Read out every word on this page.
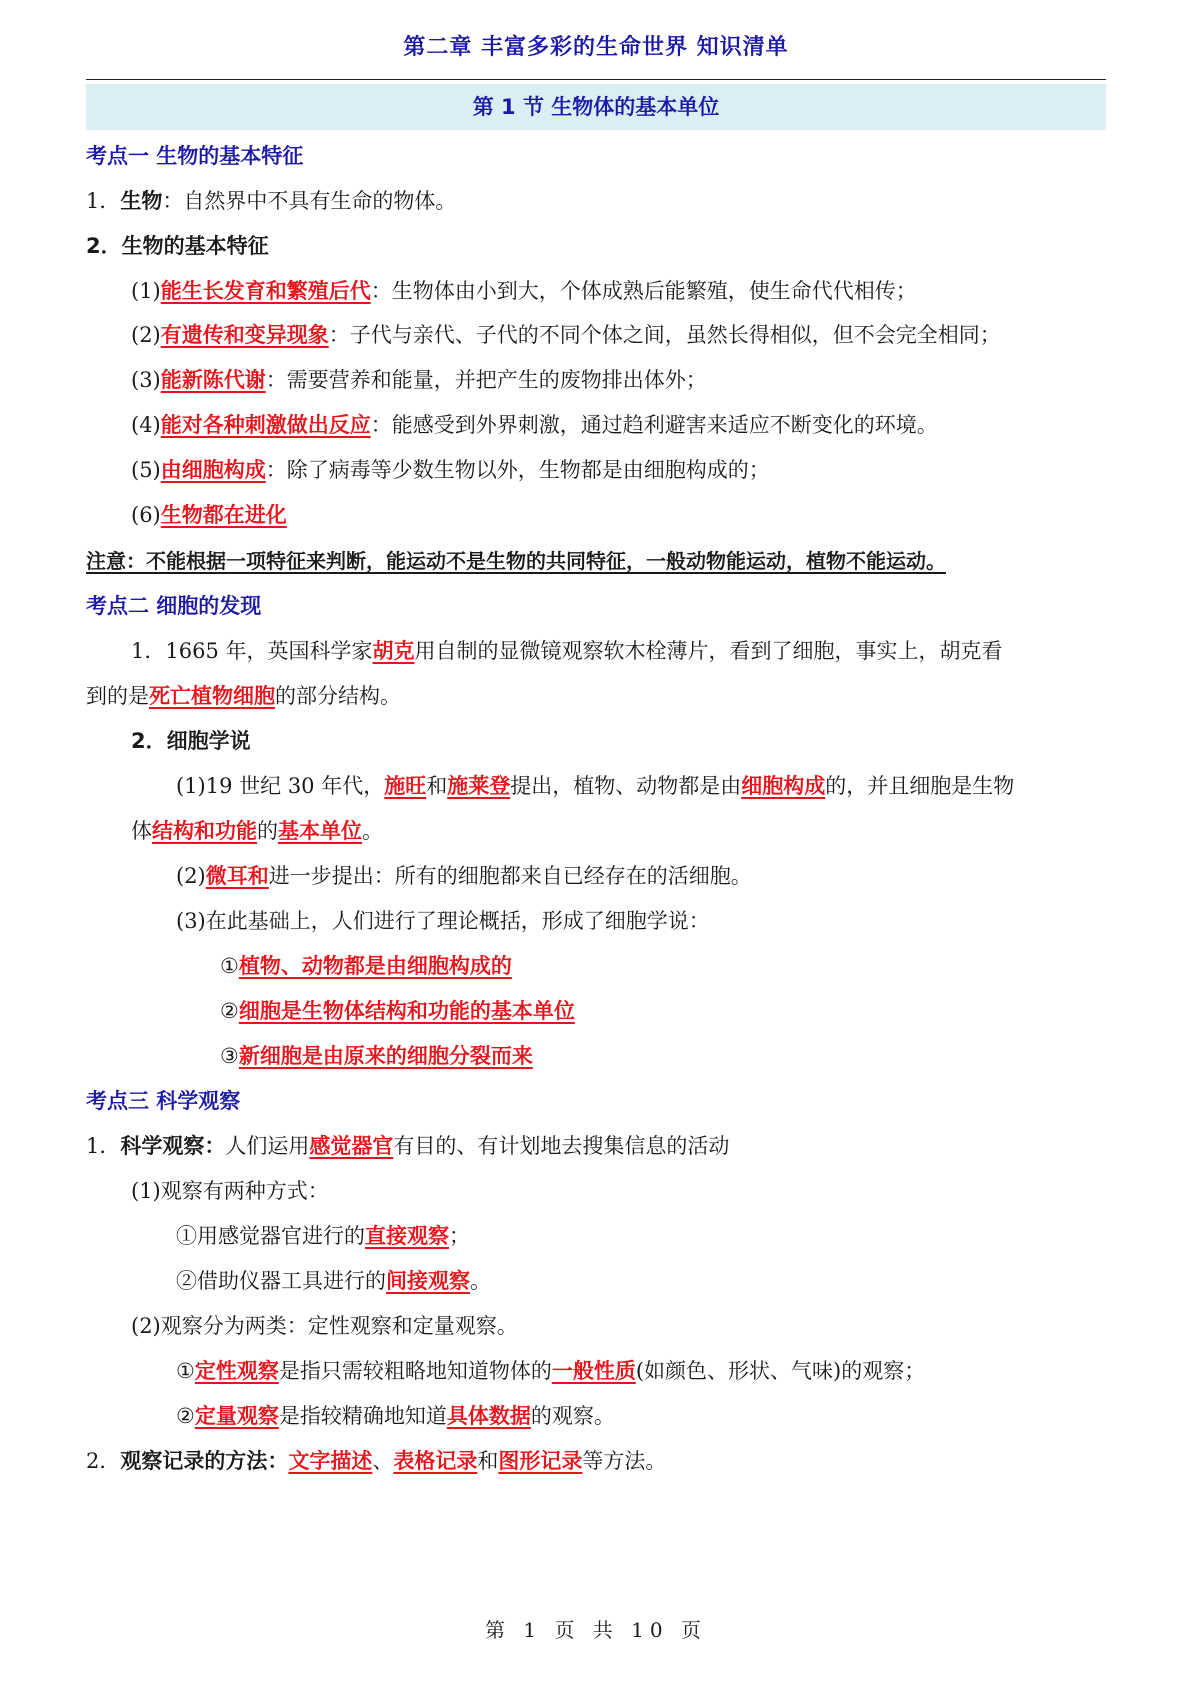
第二章 丰富多彩的生命世界 知识清单
第 1 节 生物体的基本单位
考点一 生物的基本特征
1．生物：自然界中不具有生命的物体。
2．生物的基本特征
(1)能生长发育和繁殖后代：生物体由小到大，个体成熟后能繁殖，使生命代代相传；
(2)有遗传和变异现象：子代与亲代、子代的不同个体之间，虽然长得相似，但不会完全相同；
(3)能新陈代谢：需要营养和能量，并把产生的废物排出体外；
(4)能对各种刺激做出反应：能感受到外界刺激，通过趋利避害来适应不断变化的环境。
(5)由细胞构成：除了病毒等少数生物以外，生物都是由细胞构成的；
(6)生物都在进化
注意：不能根据一项特征来判断，能运动不是生物的共同特征，一般动物能运动，植物不能运动。
考点二 细胞的发现
1．1665 年，英国科学家胡克用自制的显微镜观察软木栓薄片，看到了细胞，事实上，胡克看
到的是死亡植物细胞的部分结构。
2．细胞学说
(1)19 世纪 30 年代，施旺和施莱登提出，植物、动物都是由细胞构成的，并且细胞是生物
体结构和功能的基本单位。
(2)微耳和进一步提出：所有的细胞都来自已经存在的活细胞。
(3)在此基础上，人们进行了理论概括，形成了细胞学说：
①植物、动物都是由细胞构成的
②细胞是生物体结构和功能的基本单位
③新细胞是由原来的细胞分裂而来
考点三 科学观察
1．科学观察：人们运用感觉器官有目的、有计划地去搜集信息的活动
(1)观察有两种方式：
①用感觉器官进行的直接观察；
②借助仪器工具进行的间接观察。
(2)观察分为两类：定性观察和定量观察。
①定性观察是指只需较粗略地知道物体的一般性质(如颜色、形状、气味)的观察；
②定量观察是指较精确地知道具体数据的观察。
2．观察记录的方法：文字描述、表格记录和图形记录等方法。
第 1 页 共 10 页
